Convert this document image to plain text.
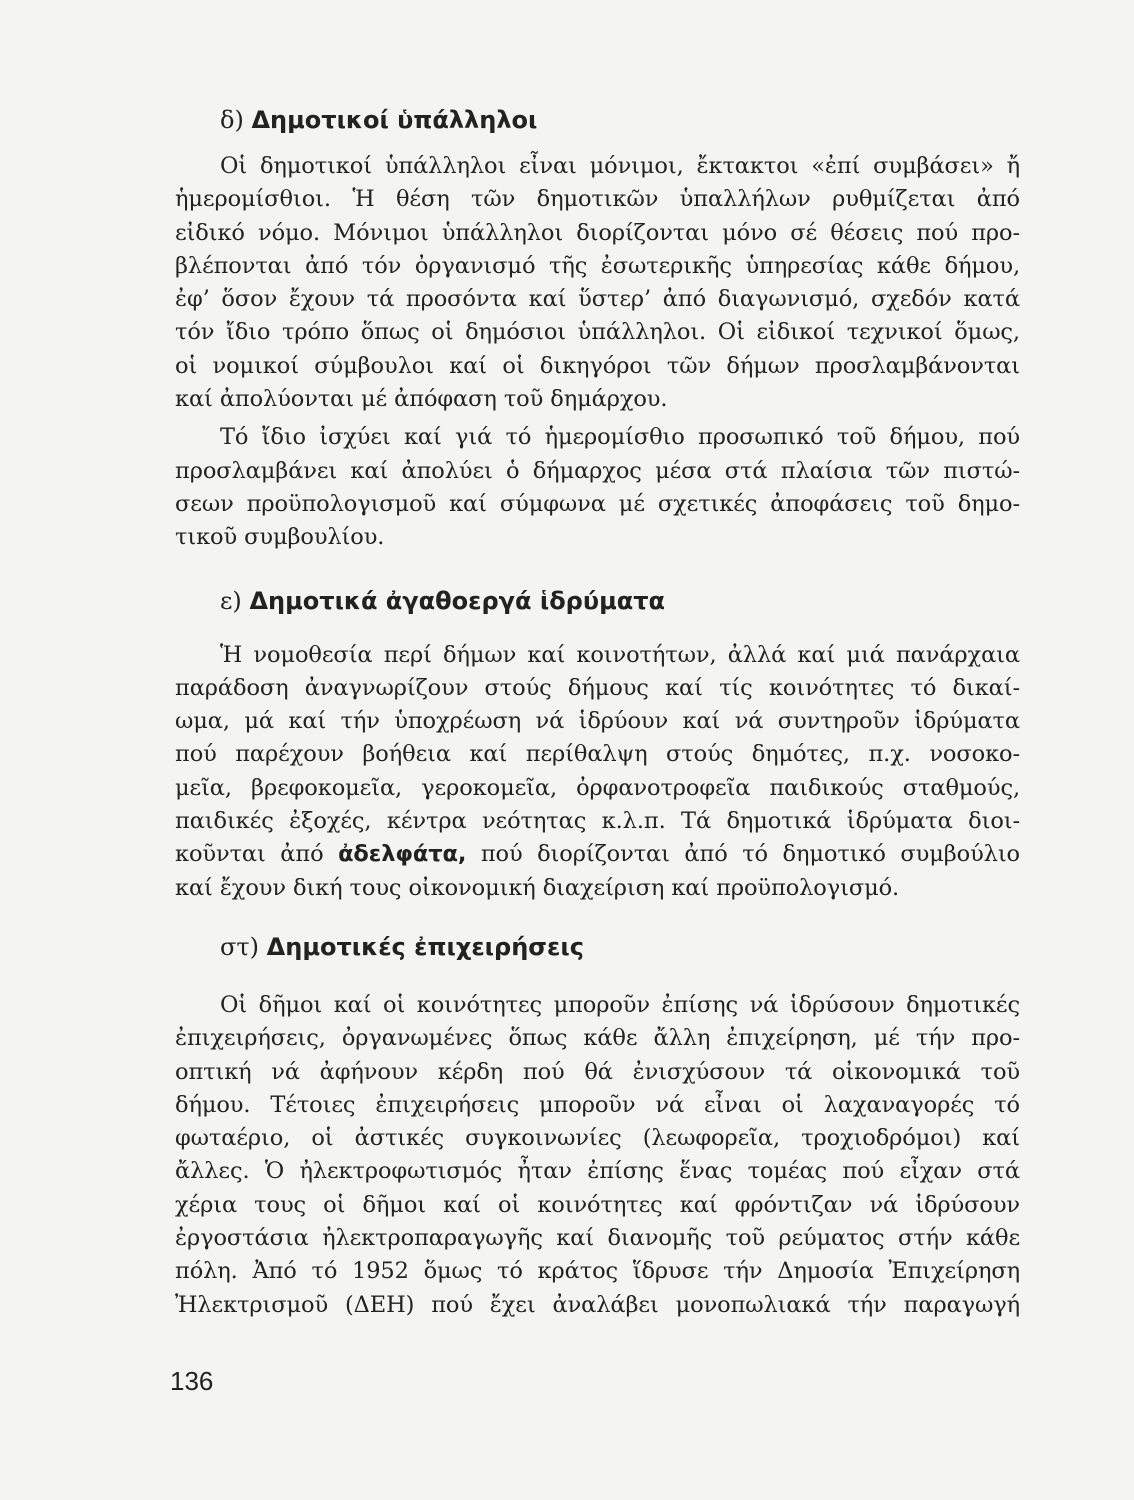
δ) Δημοτικοί ὑπάλληλοι
Οἱ δημοτικοί ὑπάλληλοι εἶναι μόνιμοι, ἔκτακτοι «ἐπί συμβάσει» ἤ
ἡμερομίσθιοι. Ἡ θέση τῶν δημοτικῶν ὑπαλλήλων ρυθμίζεται ἀπό
εἰδικό νόμο. Μόνιμοι ὑπάλληλοι διορίζονται μόνο σέ θέσεις πού προ-
βλέπονται ἀπό τόν ὀργανισμό τῆς ἐσωτερικῆς ὑπηρεσίας κάθε δήμου,
ἐφ’ ὅσον ἔχουν τά προσόντα καί ὕστερ’ ἀπό διαγωνισμό, σχεδόν κατά
τόν ἴδιο τρόπο ὅπως οἱ δημόσιοι ὑπάλληλοι. Οἱ εἰδικοί τεχνικοί ὅμως,
οἱ νομικοί σύμβουλοι καί οἱ δικηγόροι τῶν δήμων προσλαμβάνονται
καί ἀπολύονται μέ ἀπόφαση τοῦ δημάρχου.
Τό ἴδιο ἰσχύει καί γιά τό ἡμερομίσθιο προσωπικό τοῦ δήμου, πού
προσλαμβάνει καί ἀπολύει ὁ δήμαρχος μέσα στά πλαίσια τῶν πιστώ-
σεων προϋπολογισμοῦ καί σύμφωνα μέ σχετικές ἀποφάσεις τοῦ δημο-
τικοῦ συμβουλίου.
ε) Δημοτικά ἀγαθοεργά ἱδρύματα
Ἡ νομοθεσία περί δήμων καί κοινοτήτων, ἀλλά καί μιά πανάρχαια
παράδοση ἀναγνωρίζουν στούς δήμους καί τίς κοινότητες τό δικαί-
ωμα, μά καί τήν ὑποχρέωση νά ἱδρύουν καί νά συντηροῦν ἱδρύματα
πού παρέχουν βοήθεια καί περίθαλψη στούς δημότες, π.χ. νοσοκο-
μεῖα, βρεφοκομεῖα, γεροκομεῖα, ὀρφανοτροφεῖα παιδικούς σταθμούς,
παιδικές ἐξοχές, κέντρα νεότητας κ.λ.π. Τά δημοτικά ἱδρύματα διοι-
κοῦνται ἀπό ἀδελφάτα, πού διορίζονται ἀπό τό δημοτικό συμβούλιο
καί ἔχουν δική τους οἰκονομική διαχείριση καί προϋπολογισμό.
στ) Δημοτικές ἐπιχειρήσεις
Οἱ δῆμοι καί οἱ κοινότητες μποροῦν ἐπίσης νά ἱδρύσουν δημοτικές
ἐπιχειρήσεις, ὀργανωμένες ὅπως κάθε ἄλλη ἐπιχείρηση, μέ τήν προ-
οπτική νά ἀφήνουν κέρδη πού θά ἐνισχύσουν τά οἰκονομικά τοῦ
δήμου. Τέτοιες ἐπιχειρήσεις μποροῦν νά εἶναι οἱ λαχαναγορές τό
φωταέριο, οἱ ἀστικές συγκοινωνίες (λεωφορεῖα, τροχιοδρόμοι) καί
ἄλλες. Ὁ ἠλεκτροφωτισμός ἦταν ἐπίσης ἕνας τομέας πού εἶχαν στά
χέρια τους οἱ δῆμοι καί οἱ κοινότητες καί φρόντιζαν νά ἱδρύσουν
ἐργοστάσια ἠλεκτροπαραγωγῆς καί διανομῆς τοῦ ρεύματος στήν κάθε
πόλη. Ἀπό τό 1952 ὅμως τό κράτος ἵδρυσε τήν Δημοσία Ἐπιχείρηση
Ἠλεκτρισμοῦ (ΔΕΗ) πού ἔχει ἀναλάβει μονοπωλιακά τήν παραγωγή
136
